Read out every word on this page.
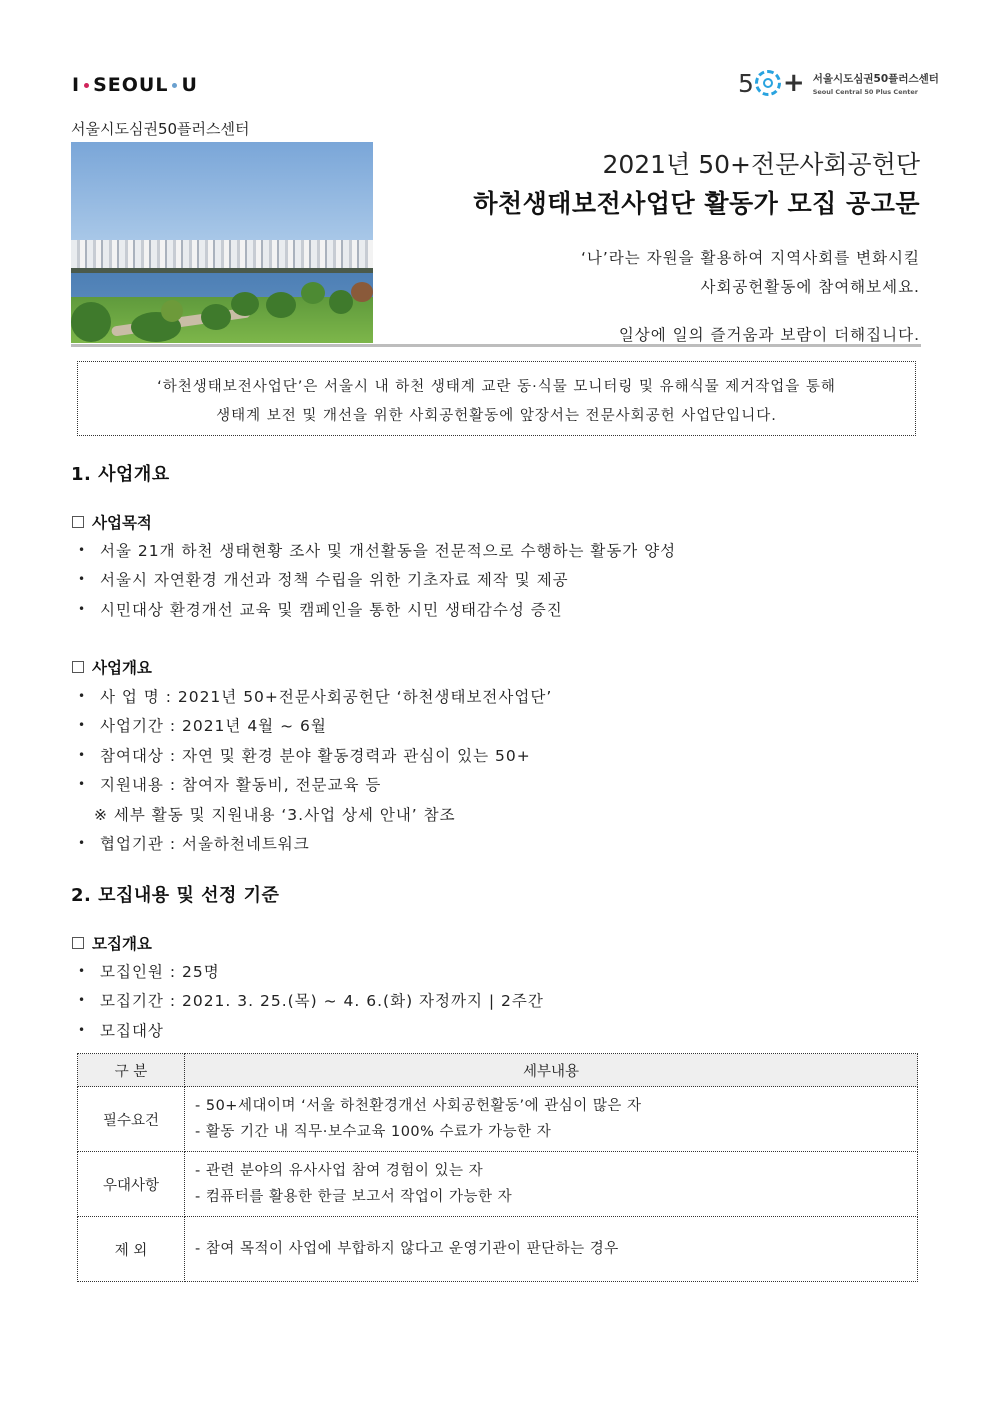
I SEOUL U	5 + 서울시도심권50플러스센터
Seoul Central 50 Plus Center
서울시도심권50플러스센터
2021년 50+전문사회공헌단
하천생태보전사업단 활동가 모집 공고문
‘나’라는 자원을 활용하여 지역사회를 변화시킬
사회공헌활동에 참여해보세요.
일상에 일의 즐거움과 보람이 더해집니다.
‘하천생태보전사업단’은 서울시 내 하천 생태계 교란 동·식물 모니터링 및 유해식물 제거작업을 통해
생태계 보전 및 개선을 위한 사회공헌활동에 앞장서는 전문사회공헌 사업단입니다.
1. 사업개요
사업목적
• 서울 21개 하천 생태현황 조사 및 개선활동을 전문적으로 수행하는 활동가 양성
• 서울시 자연환경 개선과 정책 수립을 위한 기초자료 제작 및 제공
• 시민대상 환경개선 교육 및 캠페인을 통한 시민 생태감수성 증진
사업개요
• 사 업 명 : 2021년 50+전문사회공헌단 ‘하천생태보전사업단’
• 사업기간 : 2021년 4월 ~ 6월
• 참여대상 : 자연 및 환경 분야 활동경력과 관심이 있는 50+
• 지원내용 : 참여자 활동비, 전문교육 등
※ 세부 활동 및 지원내용 ‘3.사업 상세 안내’ 참조
• 협업기관 : 서울하천네트워크
2. 모집내용 및 선정 기준
모집개요
• 모집인원 : 25명
• 모집기간 : 2021. 3. 25.(목) ~ 4. 6.(화) 자정까지 | 2주간
• 모집대상
구 분	세부내용
필수요건	- 50+세대이며 ‘서울 하천환경개선 사회공헌활동’에 관심이 많은 자
- 활동 기간 내 직무·보수교육 100% 수료가 가능한 자

우대사항	- 관련 분야의 유사사업 참여 경험이 있는 자
- 컴퓨터를 활용한 한글 보고서 작업이 가능한 자

제 외	- 참여 목적이 사업에 부합하지 않다고 운영기관이 판단하는 경우
